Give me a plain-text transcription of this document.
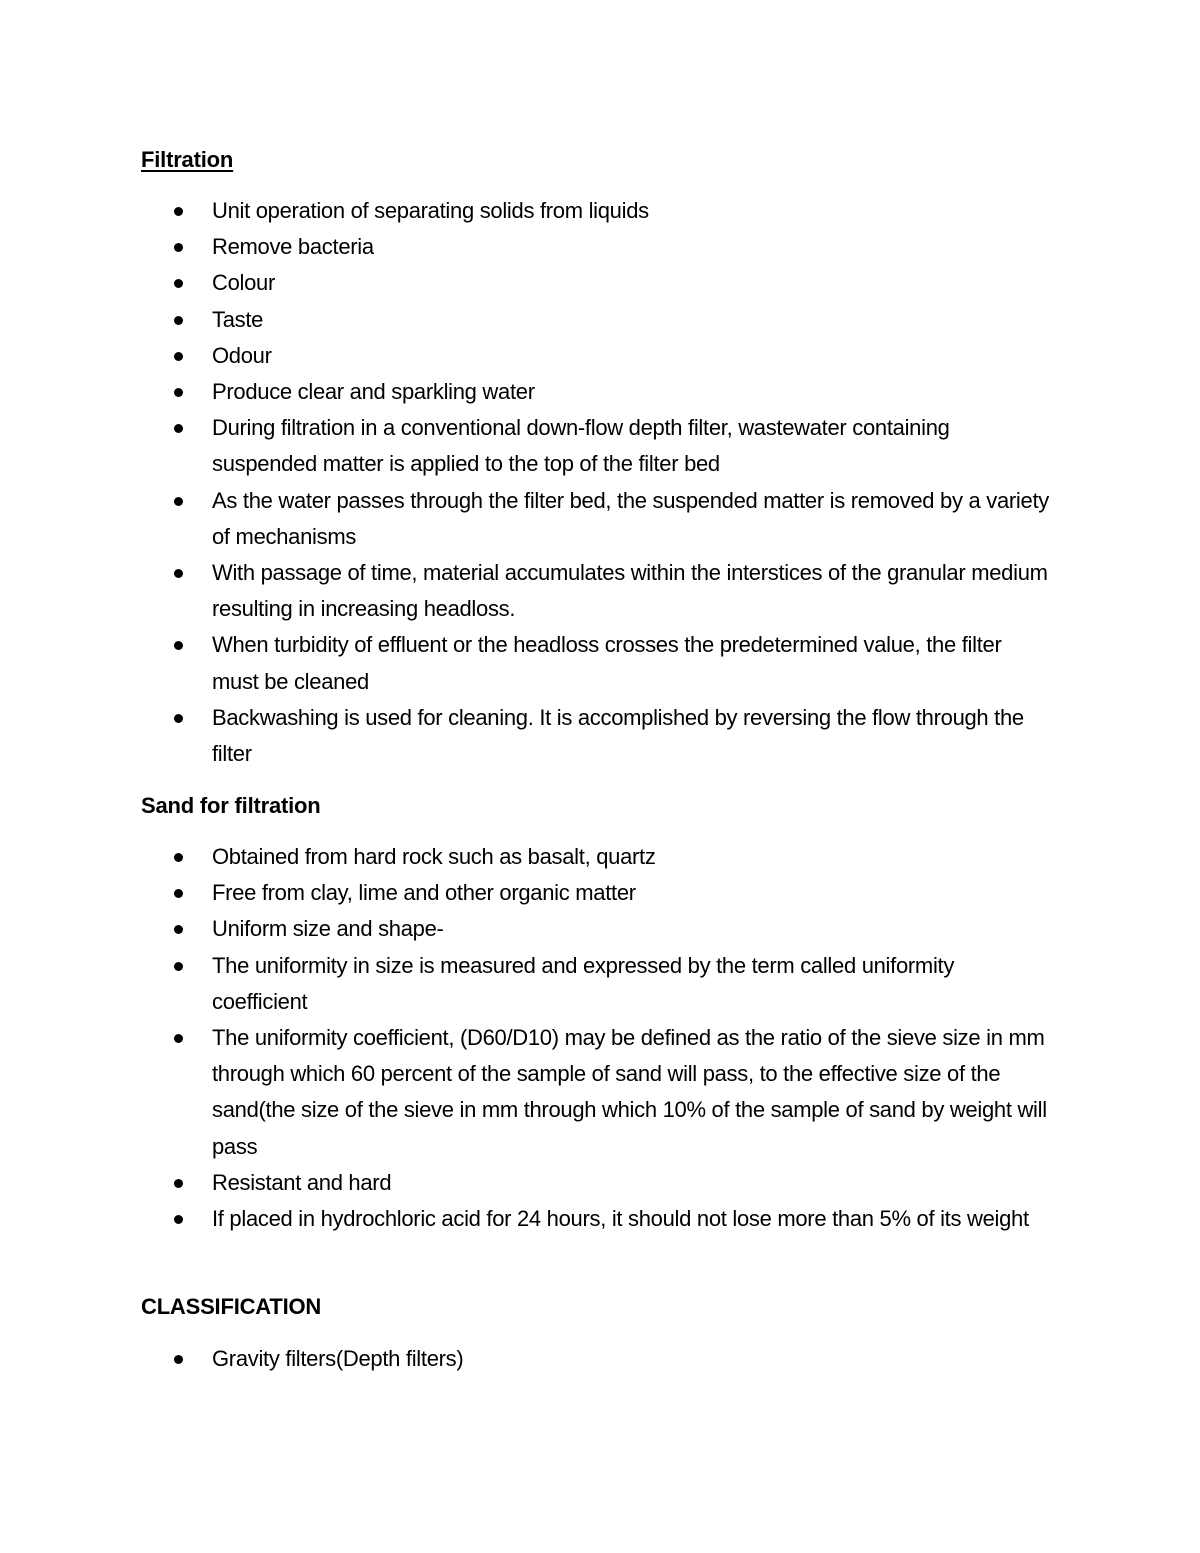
Filtration
Unit operation of separating solids from liquids
Remove bacteria
Colour
Taste
Odour
Produce clear and sparkling water
During filtration in a conventional down-flow depth filter, wastewater containing suspended matter is applied to the top of the filter bed
As the water passes through the filter bed, the suspended matter is removed by a variety of mechanisms
With passage of time, material accumulates within the interstices of the granular medium resulting in increasing headloss.
When turbidity of effluent or the headloss crosses the predetermined value, the filter must be cleaned
Backwashing is used for cleaning. It is accomplished by reversing the flow through the filter
Sand for filtration
Obtained from hard rock such as basalt, quartz
Free from clay, lime and other organic matter
Uniform size and shape-
The uniformity in size is measured and expressed by the term called uniformity coefficient
The uniformity coefficient, (D60/D10) may be defined as the ratio of the sieve size in mm through which 60 percent of the sample of sand will pass, to the effective size of the sand(the size of the sieve in mm through which 10% of the sample of sand by weight will pass
Resistant and hard
If placed in hydrochloric acid for 24 hours, it should not lose more than 5% of its weight
CLASSIFICATION
Gravity filters(Depth filters)
